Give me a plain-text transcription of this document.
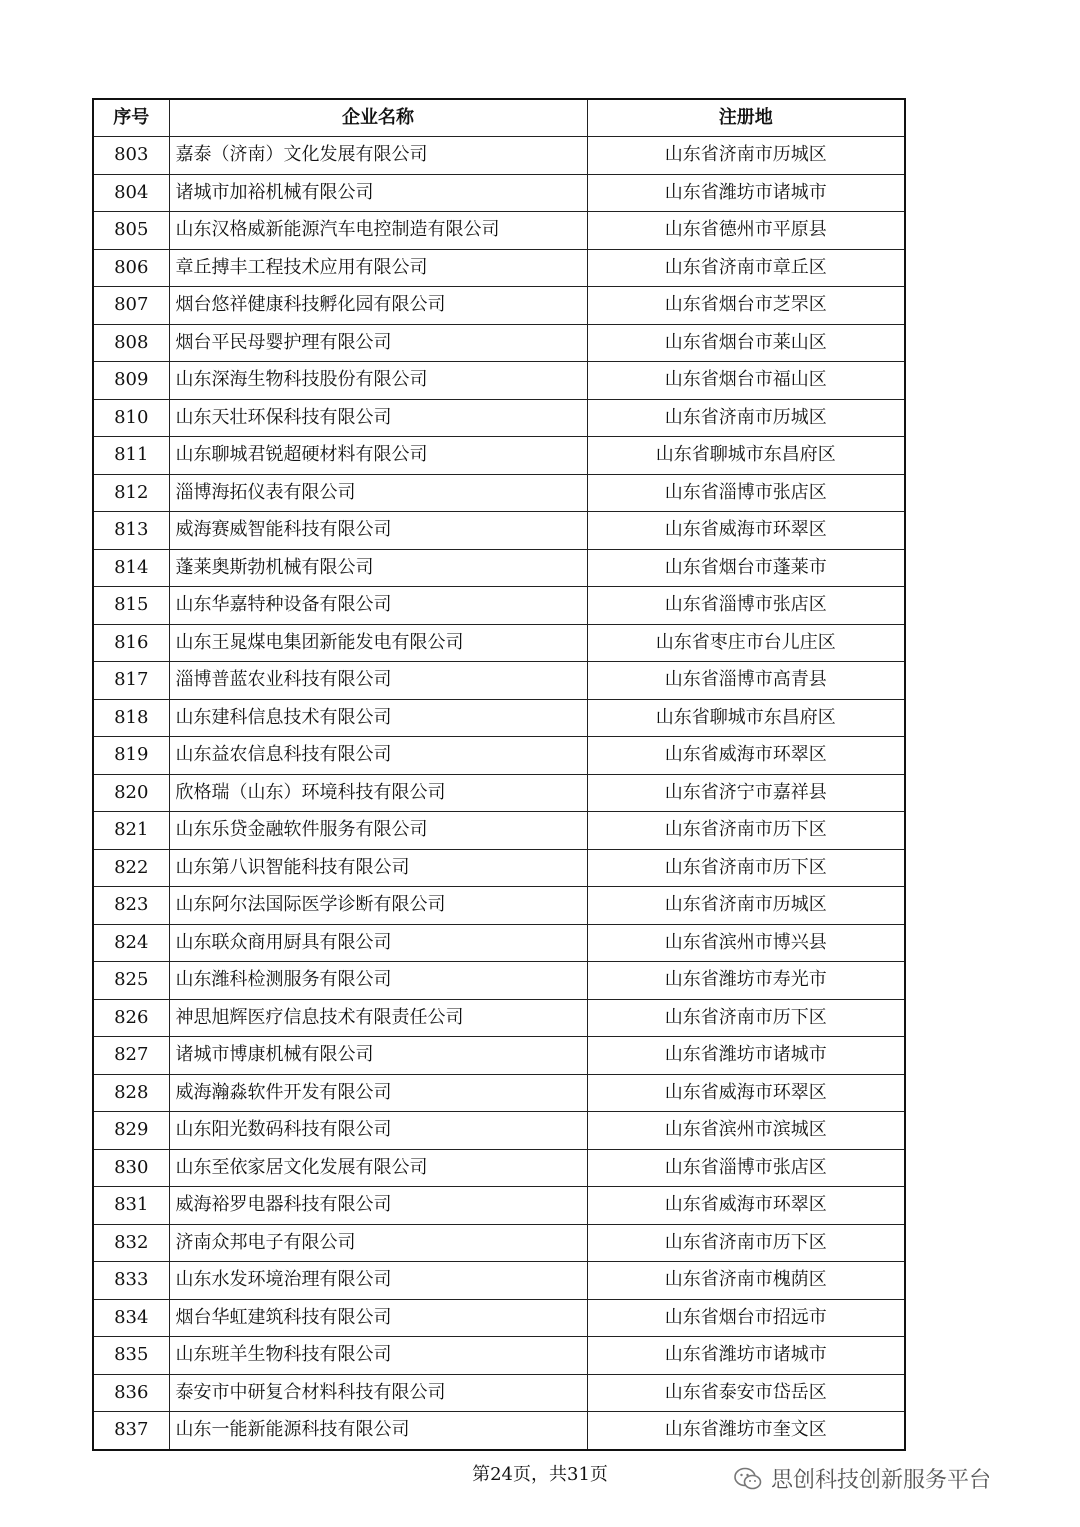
序号	企业名称	注册地
803	嘉泰（济南）文化发展有限公司	山东省济南市历城区
804	诸城市加裕机械有限公司	山东省潍坊市诸城市
805	山东汉格威新能源汽车电控制造有限公司	山东省德州市平原县
806	章丘搏丰工程技术应用有限公司	山东省济南市章丘区
807	烟台悠祥健康科技孵化园有限公司	山东省烟台市芝罘区
808	烟台平民母婴护理有限公司	山东省烟台市莱山区
809	山东深海生物科技股份有限公司	山东省烟台市福山区
810	山东天壮环保科技有限公司	山东省济南市历城区
811	山东聊城君锐超硬材料有限公司	山东省聊城市东昌府区
812	淄博海拓仪表有限公司	山东省淄博市张店区
813	威海赛威智能科技有限公司	山东省威海市环翠区
814	蓬莱奥斯勃机械有限公司	山东省烟台市蓬莱市
815	山东华嘉特种设备有限公司	山东省淄博市张店区
816	山东王晁煤电集团新能发电有限公司	山东省枣庄市台儿庄区
817	淄博普蓝农业科技有限公司	山东省淄博市高青县
818	山东建科信息技术有限公司	山东省聊城市东昌府区
819	山东益农信息科技有限公司	山东省威海市环翠区
820	欣格瑞（山东）环境科技有限公司	山东省济宁市嘉祥县
821	山东乐贷金融软件服务有限公司	山东省济南市历下区
822	山东第八识智能科技有限公司	山东省济南市历下区
823	山东阿尔法国际医学诊断有限公司	山东省济南市历城区
824	山东联众商用厨具有限公司	山东省滨州市博兴县
825	山东潍科检测服务有限公司	山东省潍坊市寿光市
826	神思旭辉医疗信息技术有限责任公司	山东省济南市历下区
827	诸城市博康机械有限公司	山东省潍坊市诸城市
828	威海瀚淼软件开发有限公司	山东省威海市环翠区
829	山东阳光数码科技有限公司	山东省滨州市滨城区
830	山东至依家居文化发展有限公司	山东省淄博市张店区
831	威海裕罗电器科技有限公司	山东省威海市环翠区
832	济南众邦电子有限公司	山东省济南市历下区
833	山东水发环境治理有限公司	山东省济南市槐荫区
834	烟台华虹建筑科技有限公司	山东省烟台市招远市
835	山东班羊生物科技有限公司	山东省潍坊市诸城市
836	泰安市中研复合材料科技有限公司	山东省泰安市岱岳区
837	山东一能新能源科技有限公司	山东省潍坊市奎文区
第24页，共31页	思创科技创新服务平台
